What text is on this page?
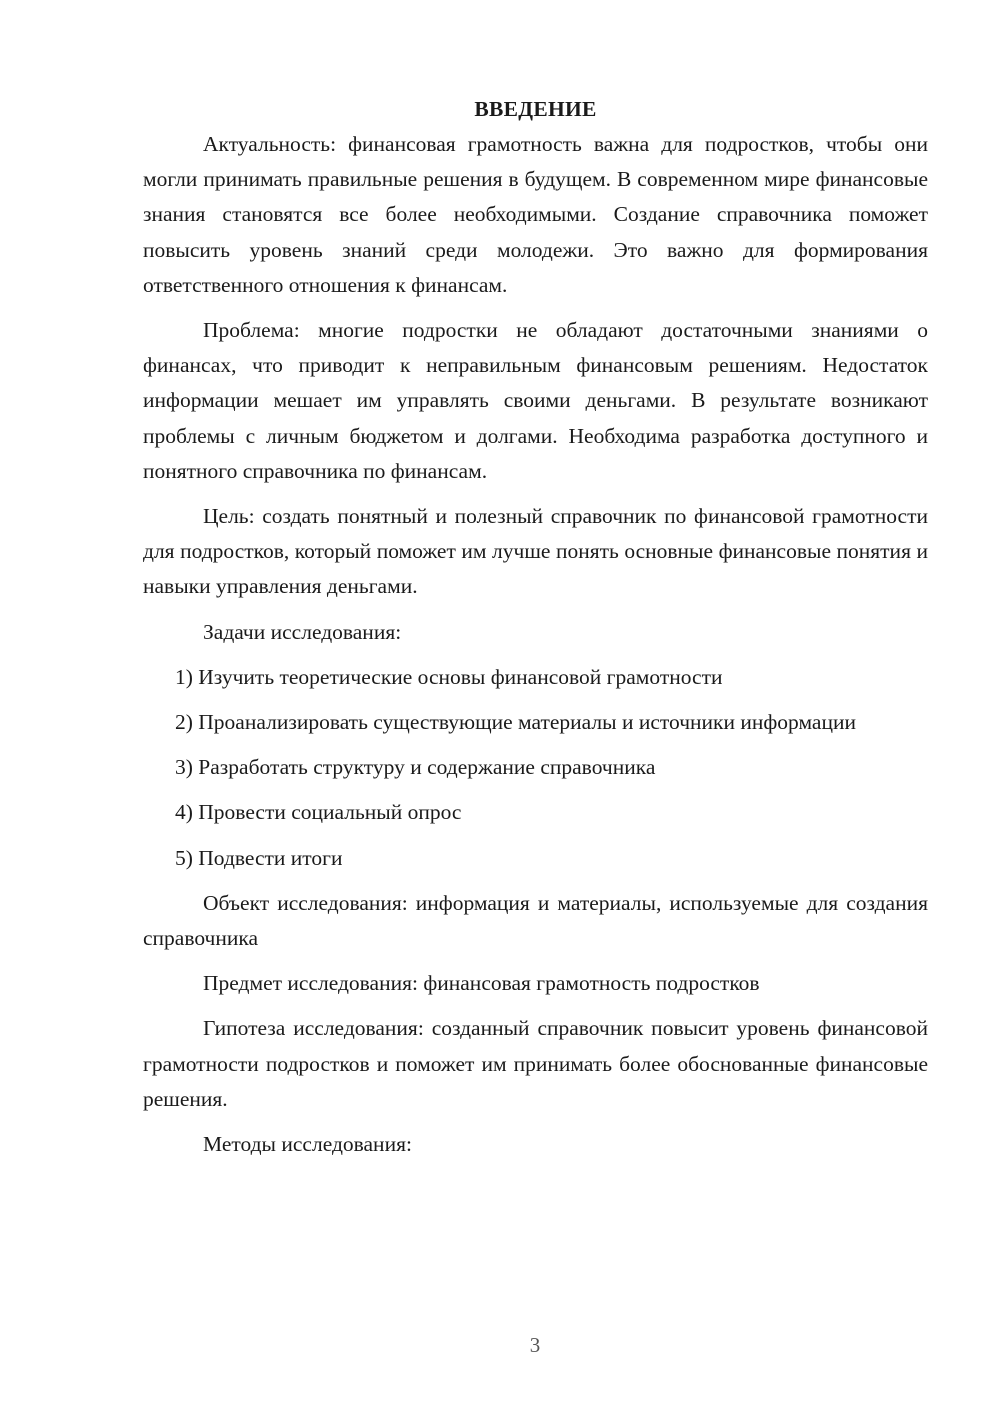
ВВЕДЕНИЕ

Актуальность: финансовая грамотность важна для подростков, чтобы они могли принимать правильные решения в будущем. В современном мире финансовые знания становятся все более необходимыми. Создание справочника поможет повысить уровень знаний среди молодежи. Это важно для формирования ответственного отношения к финансам.

Проблема: многие подростки не обладают достаточными знаниями о финансах, что приводит к неправильным финансовым решениям. Недостаток информации мешает им управлять своими деньгами. В результате возникают проблемы с личным бюджетом и долгами. Необходима разработка доступного и понятного справочника по финансам.

Цель: создать понятный и полезный справочник по финансовой грамотности для подростков, который поможет им лучше понять основные финансовые понятия и навыки управления деньгами.

Задачи исследования:

1) Изучить теоретические основы финансовой грамотности

2) Проанализировать существующие материалы и источники информации

3) Разработать структуру и содержание справочника

4) Провести социальный опрос

5) Подвести итоги

Объект исследования: информация и материалы, используемые для создания справочника

Предмет исследования: финансовая грамотность подростков

Гипотеза исследования: созданный справочник повысит уровень финансовой грамотности подростков и поможет им принимать более обоснованные финансовые решения.

Методы исследования:

3
